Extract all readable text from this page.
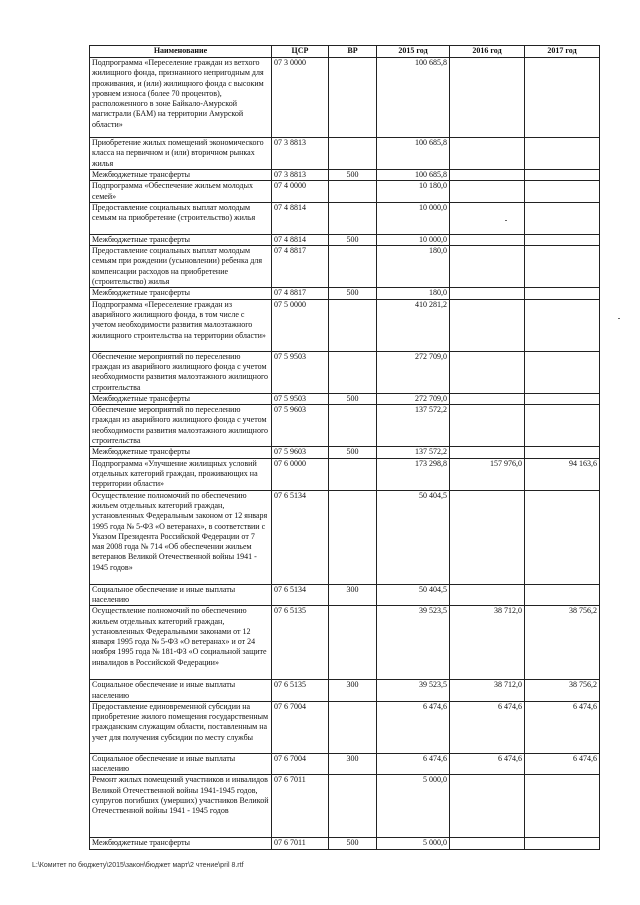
Наименование	ЦСР	ВР	2015 год	2016 год	2017 год
Подпрограмма «Переселение граждан из ветхого жилищного фонда, признанного непригодным для проживания, и (или) жилищного фонда с высоким уровнем износа (более 70 процентов), расположенного в зоне Байкало-Амурской магистрали (БАМ) на территории Амурской области»	07 3 0000		100 685,8		
Приобретение жилых помещений экономического класса на первичном и (или) вторичном рынках жилья	07 3 8813		100 685,8		
Межбюджетные трансферты	07 3 8813	500	100 685,8		
Подпрограмма «Обеспечение жильем молодых семей»	07 4 0000		10 180,0		
Предоставление социальных выплат молодым семьям на приобретение (строительство) жилья	07 4 8814		10 000,0		
Межбюджетные трансферты	07 4 8814	500	10 000,0		
Предоставление социальных выплат молодым семьям при рождении (усыновлении) ребенка для компенсации расходов на приобретение (строительство) жилья	07 4 8817		180,0		
Межбюджетные трансферты	07 4 8817	500	180,0		
Подпрограмма «Переселение граждан из аварийного жилищного фонда, в том числе с учетом необходимости развития малоэтажного жилищного строительства на территории области»	07 5 0000		410 281,2		
Обеспечение мероприятий по переселению граждан из аварийного жилищного фонда с учетом необходимости развития малоэтажного жилищного строительства	07 5 9503		272 709,0		
Межбюджетные трансферты	07 5 9503	500	272 709,0		
Обеспечение мероприятий по переселению граждан из аварийного жилищного фонда с учетом необходимости развития малоэтажного жилищного строительства	07 5 9603		137 572,2		
Межбюджетные трансферты	07 5 9603	500	137 572,2		
Подпрограмма «Улучшение жилищных условий отдельных категорий граждан, проживающих на территории области»	07 6 0000		173 298,8	157 976,0	94 163,6
Осуществление полномочий по обеспечению жильем отдельных категорий граждан, установленных Федеральным законом от 12 января 1995 года № 5-ФЗ «О ветеранах», в соответствии с Указом Президента Российской Федерации от 7 мая 2008 года № 714 «Об обеспечении жильем ветеранов Великой Отечественной войны 1941 - 1945 годов»	07 6 5134		50 404,5		
Социальное обеспечение и иные выплаты населению	07 6 5134	300	50 404,5		
Осуществление полномочий по обеспечению жильем отдельных категорий граждан, установленных Федеральными законами от 12 января 1995 года № 5-ФЗ «О ветеранах» и от 24 ноября 1995 года № 181-ФЗ «О социальной защите инвалидов в Российской Федерации»	07 6 5135		39 523,5	38 712,0	38 756,2
Социальное обеспечение и иные выплаты населению	07 6 5135	300	39 523,5	38 712,0	38 756,2
Предоставление единовременной субсидии на приобретение жилого помещения государственным гражданским служащим области, поставленным на учет для получения субсидии по месту службы	07 6 7004		6 474,6	6 474,6	6 474,6
Социальное обеспечение и иные выплаты населению	07 6 7004	300	6 474,6	6 474,6	6 474,6
Ремонт жилых помещений участников и инвалидов Великой Отечественной войны 1941-1945 годов, супругов погибших (умерших) участников Великой Отечественной войны 1941 - 1945 годов	07 6 7011		5 000,0		
Межбюджетные трансферты	07 6 7011	500	5 000,0		
L:\Комитет по бюджету\2015\закон\бюджет март\2 чтение\pril 8.rtf
